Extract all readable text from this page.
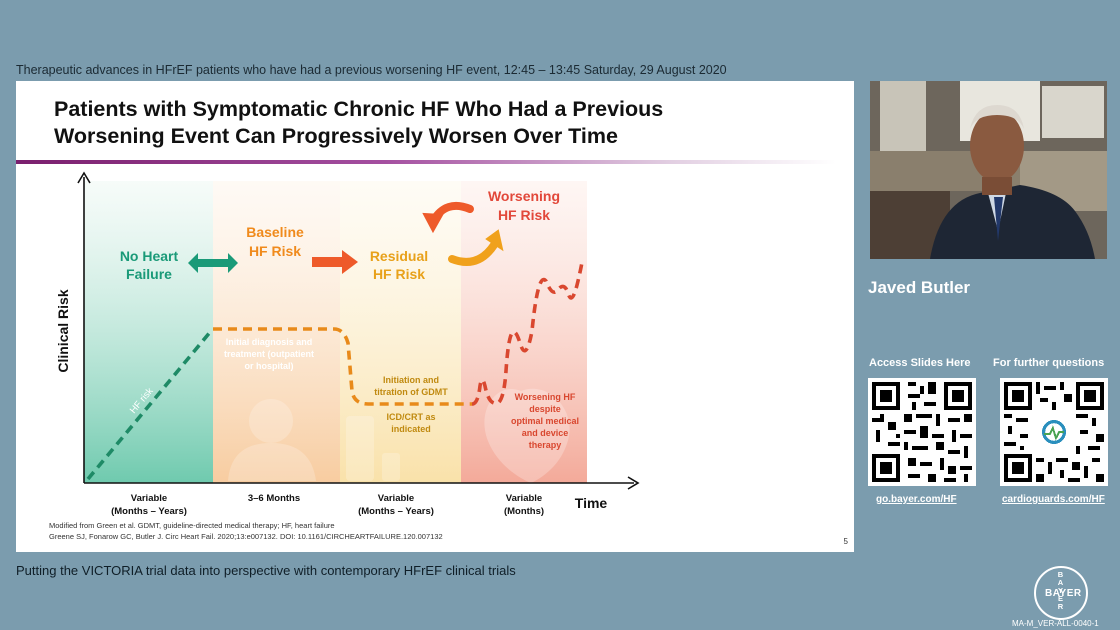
Therapeutic advances in HFrEF patients who have had a previous worsening HF event, 12:45 – 13:45 Saturday, 29 August 2020
Patients with Symptomatic Chronic HF Who Had a Previous
Worsening Event Can Progressively Worsen Over Time
No Heart
Failure
Baseline
HF Risk	Residual
HF Risk
Worsening
HF Risk
HF risk
Initial diagnosis and
treatment (outpatient
or hospital)
Initiation and
titration of GDMT
ICD/CRT as
indicated
Worsening HF
despite
optimal medical
and device
therapy
Clinical Risk
Time
Variable
(Months – Years)
3–6 Months	Variable
(Months – Years)
Variable
(Months)
Modified from Green et al. GDMT, guideline-directed medical therapy; HF, heart failure
Greene SJ, Fonarow GC, Butler J. Circ Heart Fail. 2020;13:e007132. DOI: 10.1161/CIRCHEARTFAILURE.120.007132
5
Javed Butler
Access Slides Here For further questions
go.bayer.com/HF	cardioguards.com/HF
Putting the VICTORIA trial data into perspective with contemporary HFrEF clinical trials
BAYER
BAYER
MA-M_VER-ALL-0040-1
